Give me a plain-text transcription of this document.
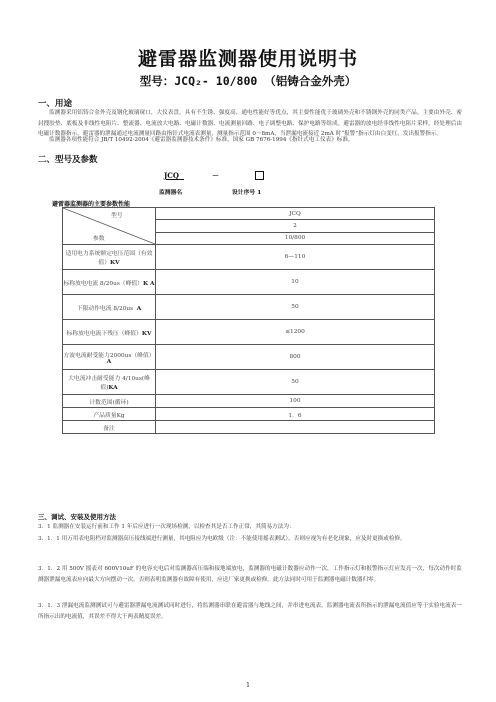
避雷器监测器使用说明书
型号：JCQ₂- 10/800 （铝铸合金外壳）
一、用途
监测器采用铝铸合金外壳及钢化玻璃窥口，大仪表盘。具有不生锈、强度高、通电性能好等优点，其主要性能优于玻璃外壳和不锈钢外壳的同类产品。主要由外壳、密封搜胶垫、底板及非线性电阻片、整流器、电流放大电路、电磁计数器、电流测量回路、电子调整电路、保护电路等组成。避雷器的放电经非线性电阻片采样，经处理后由电磁计数器指示，避雷器的泄漏通过电流测量回路由指针式电流表测量，测量指示范围 0～8mA，当泄漏电流接近 2mA 时“报警”指示灯由白变红，发出报警指示。
监测器各项性能符合 JB/T 10492-2004《避雷器监测器技术条件》标准，国家 GB 7676-1994《指针式电工仪表》标准。
二、型号及参数
JCQ	－
监测器名	设计序号 1
避雷器监测器的主要参数性能
型号
参数	JCQ
	2
	10/800
适用电力系统额定电压范围（有效值）KV	6—110
标称放电电流 8/20us（峰值）K A	10
下限动作电流 8/20us A	50
标称放电电流下残压（峰值）KV	≤1200
方波电流耐受能力2000us（峰值）A	800
大电流冲击耐受能力 4/10us(峰值)KA	50
计数范围(循环)	100
产品质量Kg	1．6
备注	
三、调试、安装及使用方法
3．1 监测器在安装运行前和工作 1 年后应进行一次现场检测，以检查其是否工作正常，其简易方法为：
3．1．1 用万用表电阻档对监测器高压接线端进行测量，其电阻应为电欧级（注：不能使用摇表测试），否则应视为有老化现象，应及时更换或检修。
3．1．2 用 500V 摇表对 600V10uF 的电容充电后对监测器高压端和接地端放电，监测器的电磁计数器应动作一次，工作指示灯和报警指示灯应发亮一次，每次动作时监测器泄漏电流表应向最大方向摆动一次，否则表明监测器有故障有使用，应送厂家更换或检修。此方法同时可用于监测器电磁计数器归零。
3．1．3 泄漏电流监测测试可与避雷器泄漏电流测试同时进行，将监测器串联在避雷器与地线之间，并串进电流表，监测器电流表所指示的泄漏电流值应等于实验电流表一所指示出的电流值，其误差不得大于两表精度误差。
1
